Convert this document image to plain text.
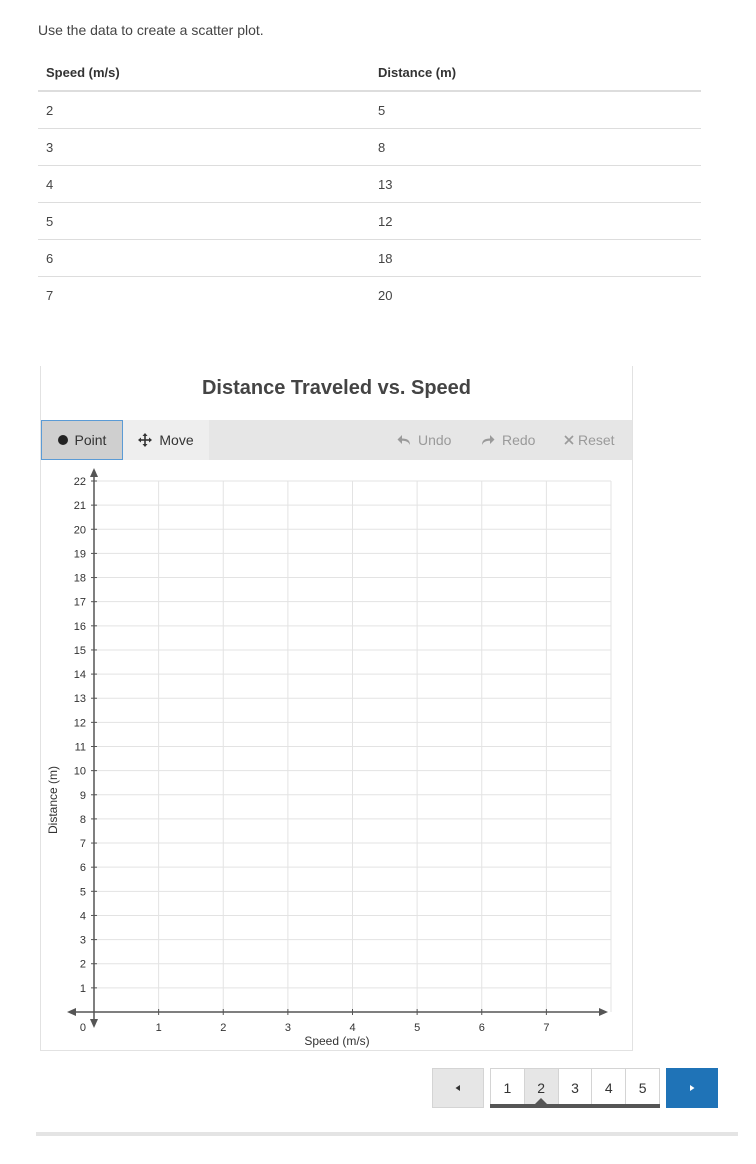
Use the data to create a scatter plot.
Speed (m/s)	Distance (m)
2	5
3	8
4	13
5	12
6	18
7	20
Distance Traveled vs. Speed
Point	Move	Undo	Redo	Reset
1	2	3	4	5	6	7
1
2
3
4
5
6
7
8
9
10
11
12
13
14
15
16
17
18
19
20
21
22
0
Speed (m/s)
Distance (m)
1	2	3	4	5
